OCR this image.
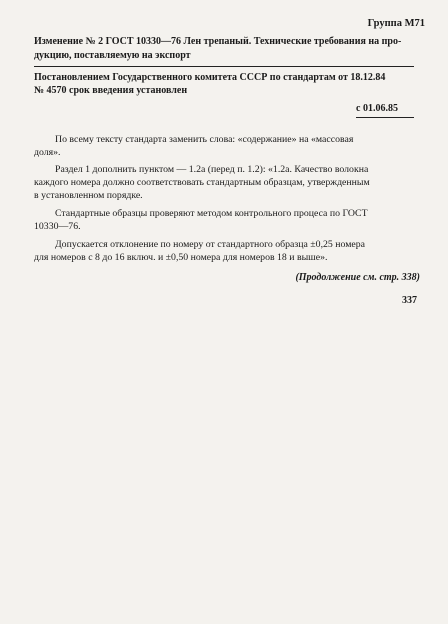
Группа М71
Изменение № 2 ГОСТ 10330—76 Лен трепаный. Технические требования на про-
дукцию, поставляемую на экспорт
Постановлением Государственного комитета СССР по стандартам от 18.12.84
№ 4570 срок введения установлен
с 01.06.85
По всему тексту стандарта заменить слова: «содержание» на «массовая
доля».
Раздел 1 дополнить пунктом — 1.2а (перед п. 1.2): «1.2а. Качество волокна
каждого номера должно соответствовать стандартным образцам, утвержденным
в установленном порядке.
Стандартные образцы проверяют методом контрольного процеса по ГОСТ
10330—76.
Допускается отклонение по номеру от стандартного образца ±0,25 номера
для номеров с 8 до 16 включ. и ±0,50 номера для номеров 18 и выше».
(Продолжение см. стр. 338)
337
